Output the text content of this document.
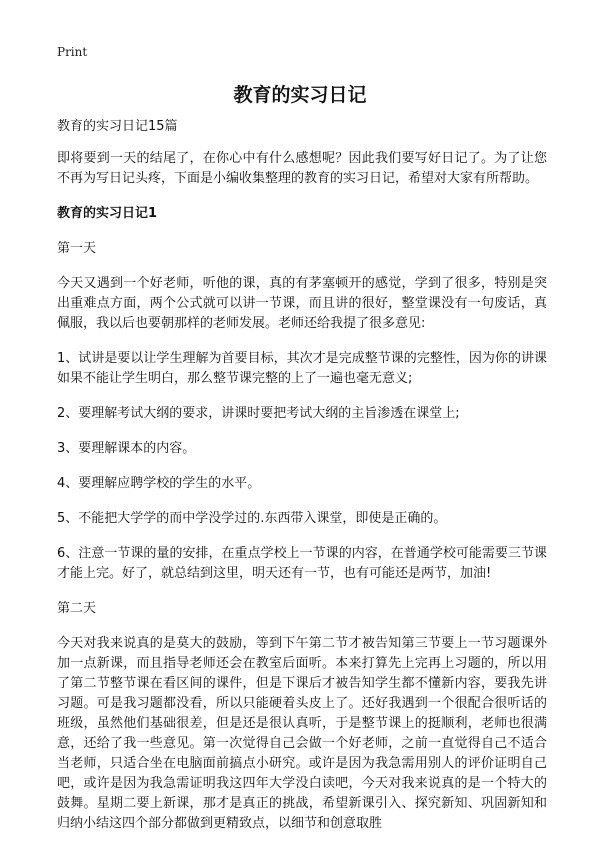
Print
教育的实习日记

教育的实习日记15篇

即将要到一天的结尾了，在你心中有什么感想呢？因此我们要写好日记了。为了让您不再为写日记头疼，下面是小编收集整理的教育的实习日记，希望对大家有所帮助。

教育的实习日记1

第一天

今天又遇到一个好老师，听他的课，真的有茅塞顿开的感觉，学到了很多，特别是突出重难点方面，两个公式就可以讲一节课，而且讲的很好，整堂课没有一句废话，真佩服，我以后也要朝那样的老师发展。老师还给我提了很多意见:

1、试讲是要以让学生理解为首要目标，其次才是完成整节课的完整性，因为你的讲课如果不能让学生明白，那么整节课完整的上了一遍也毫无意义;

2、要理解考试大纲的要求，讲课时要把考试大纲的主旨渗透在课堂上;

3、要理解课本的内容。

4、要理解应聘学校的学生的水平。

5、不能把大学学的而中学没学过的.东西带入课堂，即使是正确的。

6、注意一节课的量的安排，在重点学校上一节课的内容，在普通学校可能需要三节课才能上完。好了，就总结到这里，明天还有一节，也有可能还是两节，加油!

第二天

今天对我来说真的是莫大的鼓励，等到下午第二节才被告知第三节要上一节习题课外加一点新课，而且指导老师还会在教室后面听。本来打算先上完再上习题的，所以用了第二节整节课在看区间的课件，但是下课后才被告知学生都不懂新内容，要我先讲习题。可是我习题都没看，所以只能硬着头皮上了。还好我遇到一个很配合很听话的班级，虽然他们基础很差，但是还是很认真听，于是整节课上的挺顺利，老师也很满意，还给了我一些意见。第一次觉得自己会做一个好老师，之前一直觉得自己不适合当老师，只适合坐在电脑面前搞点小研究。或许是因为我急需用别人的评价证明自己吧，或许是因为我急需证明我这四年大学没白读吧，今天对我来说真的是一个特大的鼓舞。星期二要上新课，那才是真正的挑战，希望新课引入、探究新知、巩固新知和归纳小结这四个部分都做到更精致点，以细节和创意取胜
